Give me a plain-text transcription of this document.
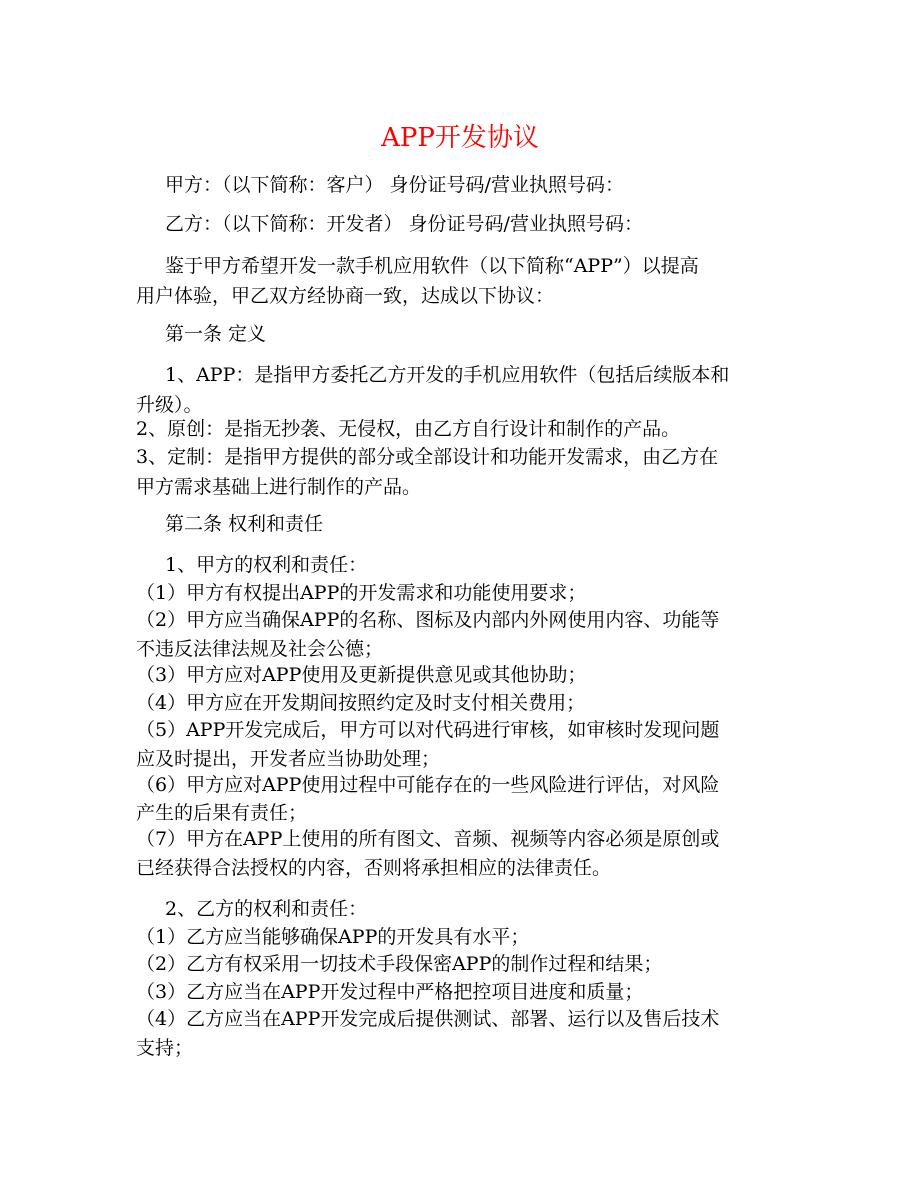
APP开发协议
甲方：（以下简称：客户） 身份证号码/营业执照号码：
乙方：（以下简称：开发者） 身份证号码/营业执照号码：
鉴于甲方希望开发一款手机应用软件（以下简称“APP”）以提高
用户体验，甲乙双方经协商一致，达成以下协议：
第一条 定义
1、APP：是指甲方委托乙方开发的手机应用软件（包括后续版本和
升级）。
2、原创：是指无抄袭、无侵权，由乙方自行设计和制作的产品。
3、定制：是指甲方提供的部分或全部设计和功能开发需求，由乙方在
甲方需求基础上进行制作的产品。
第二条 权利和责任
1、甲方的权利和责任：
（1）甲方有权提出APP的开发需求和功能使用要求；
（2）甲方应当确保APP的名称、图标及内部内外网使用内容、功能等
不违反法律法规及社会公德；
（3）甲方应对APP使用及更新提供意见或其他协助；
（4）甲方应在开发期间按照约定及时支付相关费用；
（5）APP开发完成后，甲方可以对代码进行审核，如审核时发现问题
应及时提出，开发者应当协助处理；
（6）甲方应对APP使用过程中可能存在的一些风险进行评估，对风险
产生的后果有责任；
（7）甲方在APP上使用的所有图文、音频、视频等内容必须是原创或
已经获得合法授权的内容，否则将承担相应的法律责任。
2、乙方的权利和责任：
（1）乙方应当能够确保APP的开发具有水平；
（2）乙方有权采用一切技术手段保密APP的制作过程和结果；
（3）乙方应当在APP开发过程中严格把控项目进度和质量；
（4）乙方应当在APP开发完成后提供测试、部署、运行以及售后技术
支持；
